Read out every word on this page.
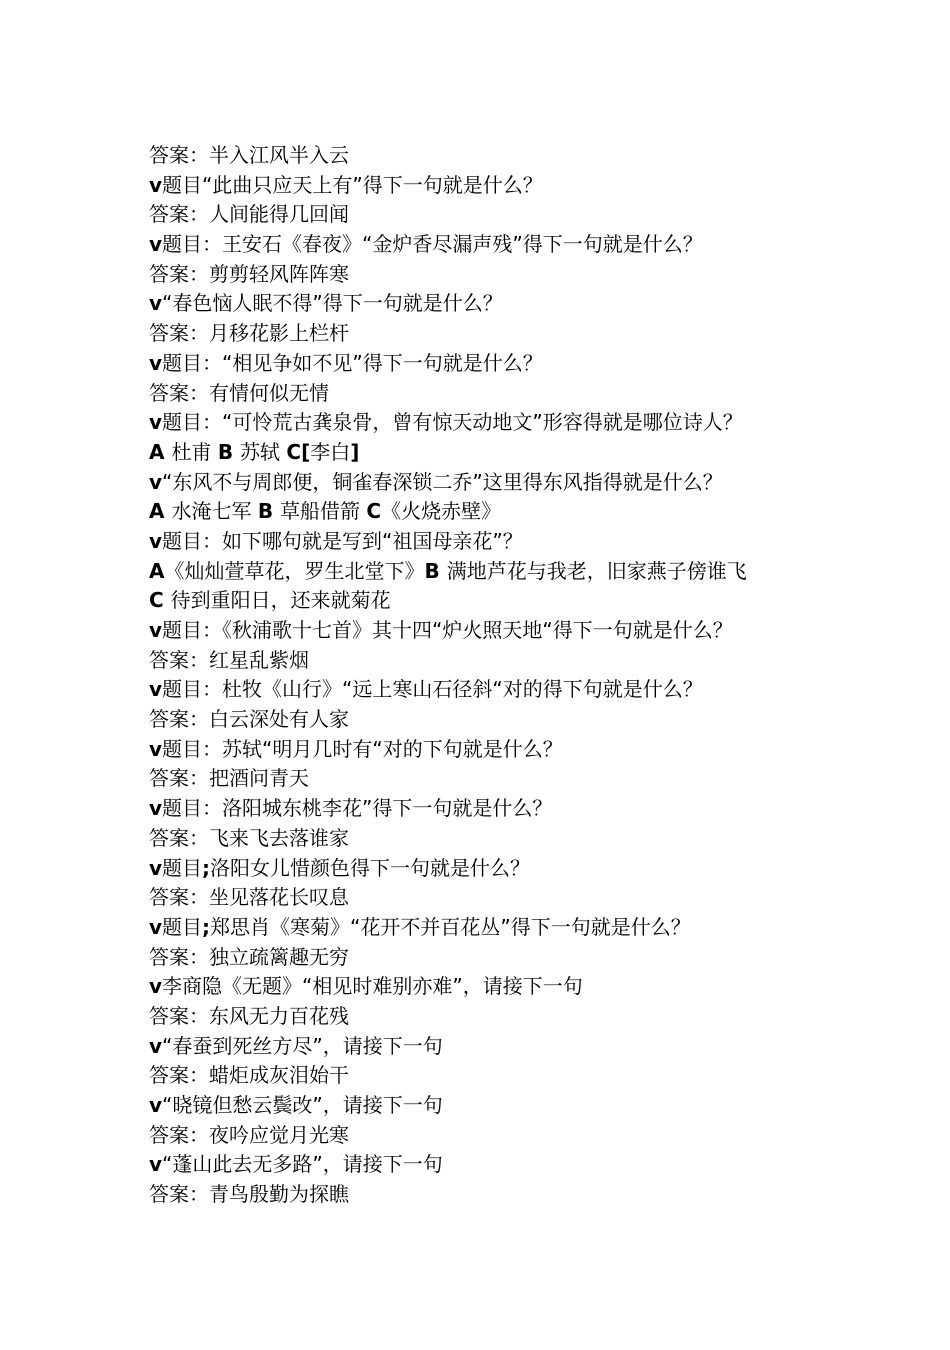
答案：半入江风半入云
v题目“此曲只应天上有”得下一句就是什么？
答案：人间能得几回闻
v题目：王安石《春夜》“金炉香尽漏声残”得下一句就是什么？
答案：剪剪轻风阵阵寒
v“春色恼人眠不得”得下一句就是什么？
答案：月移花影上栏杆
v题目：“相见争如不见”得下一句就是什么？
答案：有情何似无情
v题目：“可怜荒古龚泉骨，曾有惊天动地文”形容得就是哪位诗人？
A 杜甫 B 苏轼 C[李白]
v“东风不与周郎便，铜雀春深锁二乔”这里得东风指得就是什么？
A 水淹七军 B 草船借箭 C《火烧赤壁》
v题目：如下哪句就是写到“祖国母亲花”？
A《灿灿萱草花，罗生北堂下》B 满地芦花与我老，旧家燕子傍谁飞
C 待到重阳日，还来就菊花
v题目：《秋浦歌十七首》其十四“炉火照天地“得下一句就是什么？
答案：红星乱紫烟
v题目：杜牧《山行》“远上寒山石径斜“对的得下句就是什么？
答案：白云深处有人家
v题目：苏轼“明月几时有“对的下句就是什么？
答案：把酒问青天
v题目：洛阳城东桃李花”得下一句就是什么？
答案：飞来飞去落谁家
v题目;洛阳女儿惜颜色得下一句就是什么？
答案：坐见落花长叹息
v题目;郑思肖《寒菊》“花开不并百花丛”得下一句就是什么？
答案：独立疏篱趣无穷
v李商隐《无题》“相见时难别亦难”，请接下一句
答案：东风无力百花残
v“春蚕到死丝方尽”，请接下一句
答案：蜡炬成灰泪始干
v“晓镜但愁云鬓改”，请接下一句
答案：夜吟应觉月光寒
v“蓬山此去无多路”，请接下一句
答案：青鸟殷勤为探瞧
